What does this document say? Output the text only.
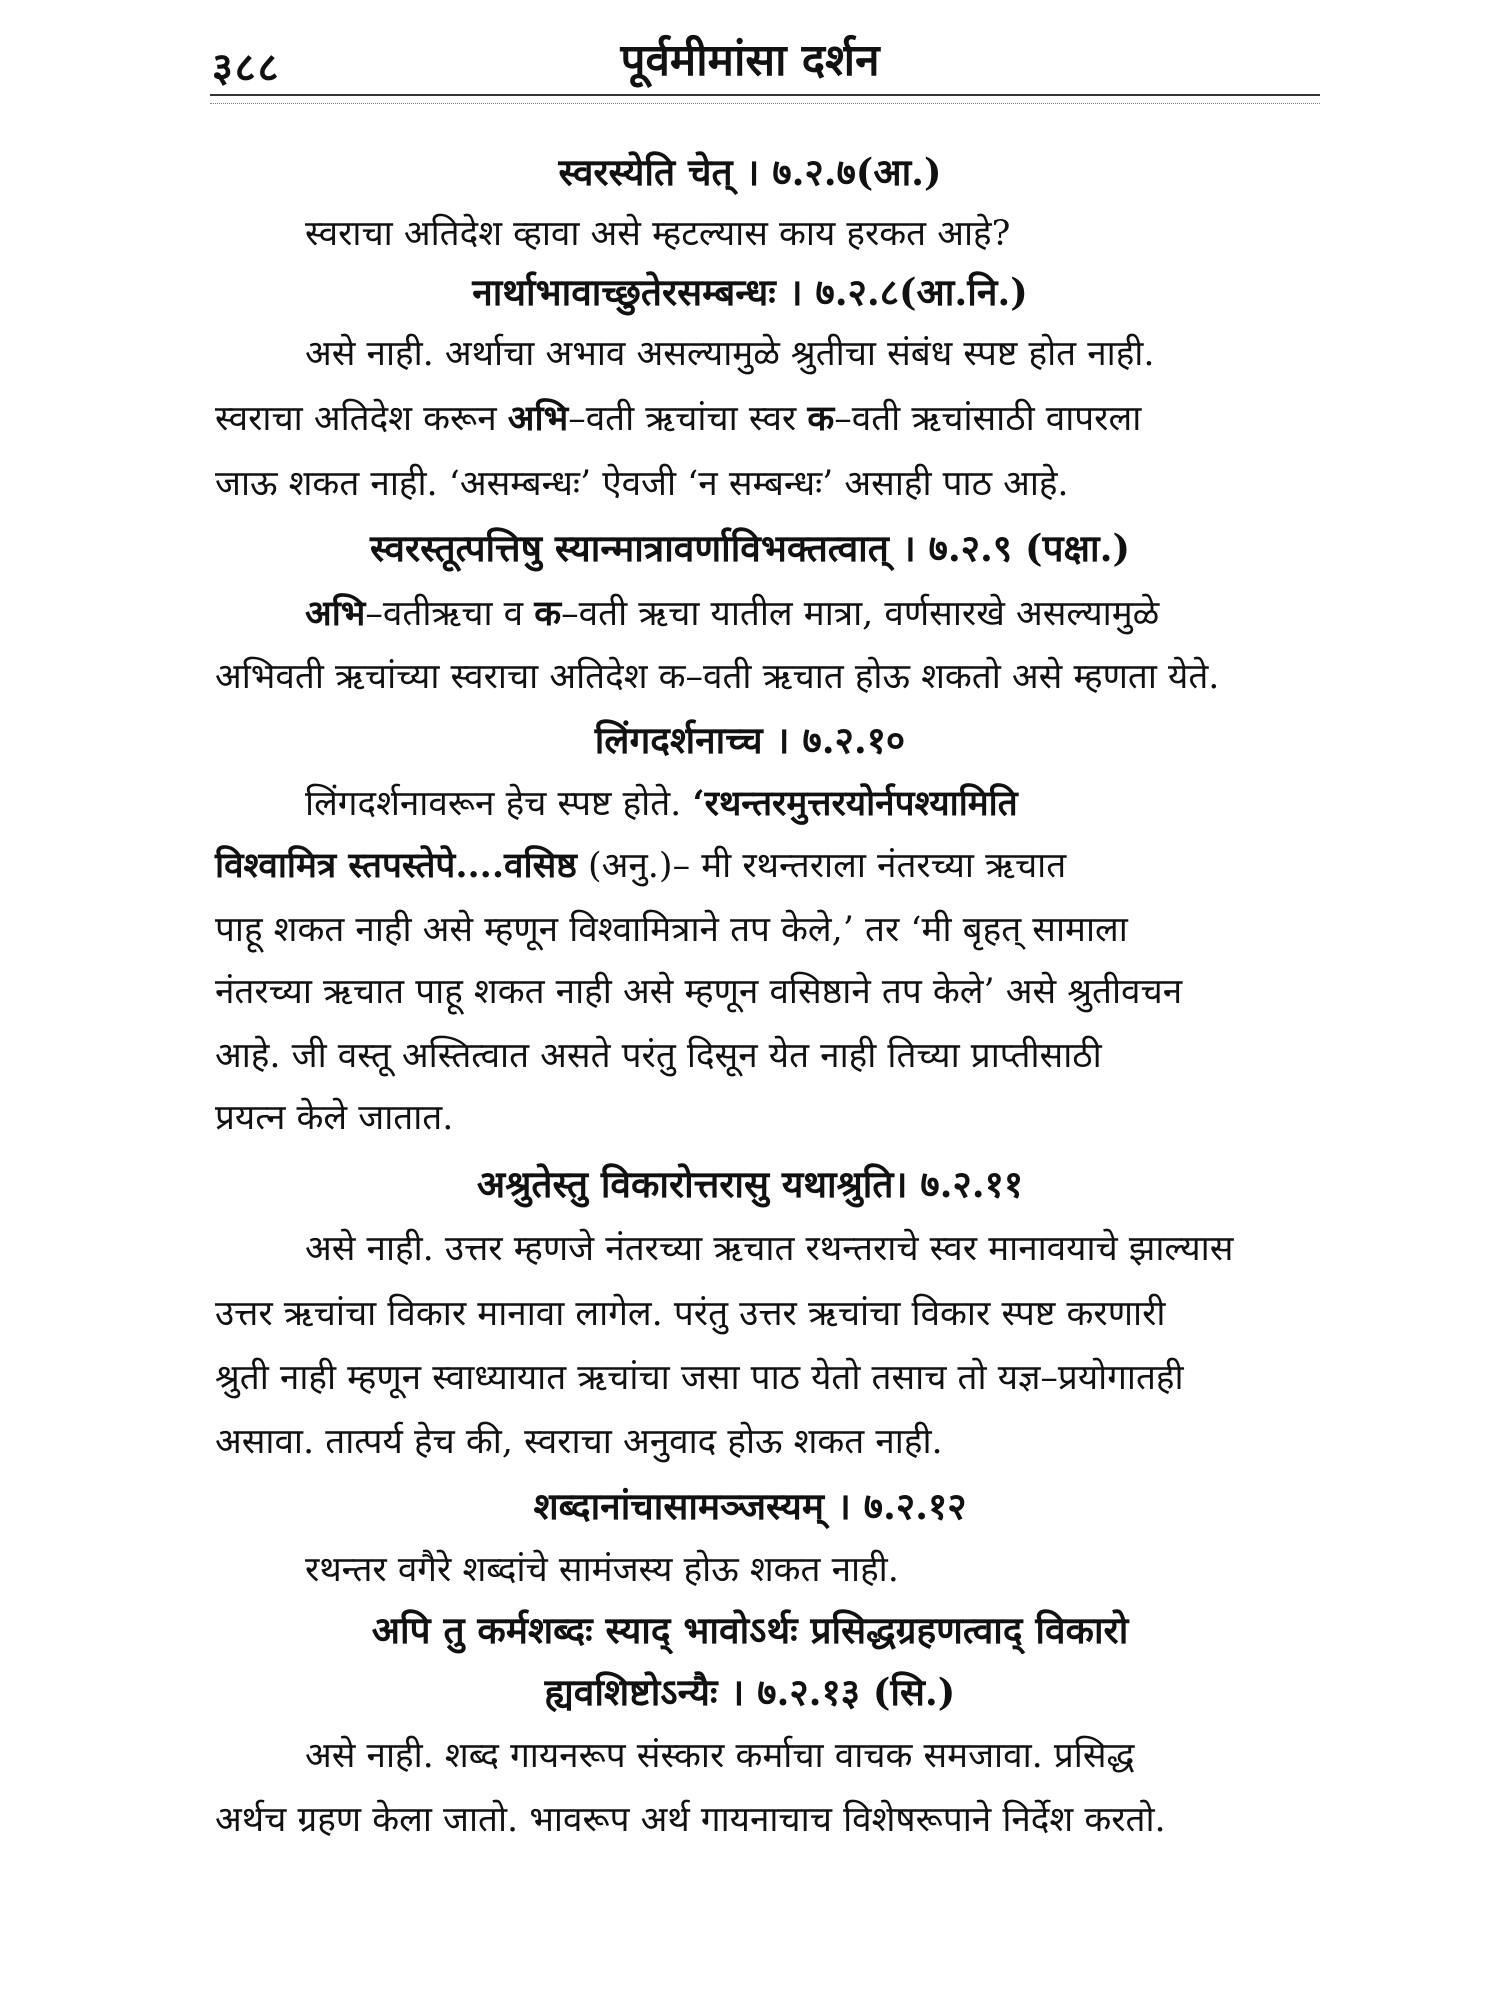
३८८	पूर्वमीमांसा दर्शन
स्वरस्येति चेत् । ७.२.७(आ.)
स्वराचा अतिदेश व्हावा असे म्हटल्यास काय हरकत आहे?
नार्थाभावाच्छुतेरसम्बन्धः । ७.२.८(आ.नि.)
असे नाही. अर्थाचा अभाव असल्यामुळे श्रुतीचा संबंध स्पष्ट होत नाही.
स्वराचा अतिदेश करून अभि–वती ऋचांचा स्वर क–वती ऋचांसाठी वापरला
जाऊ शकत नाही. ‘असम्बन्धः’ ऐवजी ‘न सम्बन्धः’ असाही पाठ आहे.
स्वरस्तूत्पत्तिषु स्यान्मात्रावर्णाविभक्तत्वात् । ७.२.९ (पक्षा.)
अभि–वतीऋचा व क–वती ऋचा यातील मात्रा, वर्णसारखे असल्यामुळे
अभिवती ऋचांच्या स्वराचा अतिदेश क–वती ऋचात होऊ शकतो असे म्हणता येते.
लिंगदर्शनाच्च । ७.२.१०
लिंगदर्शनावरून हेच स्पष्ट होते. ‘रथन्तरमुत्तरयोर्नपश्यामिति
विश्वामित्र स्तपस्तेपे....वसिष्ठ (अनु.)– मी रथन्तराला नंतरच्या ऋचात
पाहू शकत नाही असे म्हणून विश्वामित्राने तप केले,’ तर ‘मी बृहत् सामाला
नंतरच्या ऋचात पाहू शकत नाही असे म्हणून वसिष्ठाने तप केले’ असे श्रुतीवचन
आहे. जी वस्तू अस्तित्वात असते परंतु दिसून येत नाही तिच्या प्राप्तीसाठी
प्रयत्न केले जातात.
अश्रुतेस्तु विकारोत्तरासु यथाश्रुति। ७.२.११
असे नाही. उत्तर म्हणजे नंतरच्या ऋचात रथन्तराचे स्वर मानावयाचे झाल्यास
उत्तर ऋचांचा विकार मानावा लागेल. परंतु उत्तर ऋचांचा विकार स्पष्ट करणारी
श्रुती नाही म्हणून स्वाध्यायात ऋचांचा जसा पाठ येतो तसाच तो यज्ञ–प्रयोगातही
असावा. तात्पर्य हेच की, स्वराचा अनुवाद होऊ शकत नाही.
शब्दानांचासामञ्जस्यम् । ७.२.१२
रथन्तर वगैरे शब्दांचे सामंजस्य होऊ शकत नाही.
अपि तु कर्मशब्दः स्याद् भावोऽर्थः प्रसिद्धग्रहणत्वाद् विकारो
ह्यवशिष्टोऽन्यैः । ७.२.१३ (सि.)
असे नाही. शब्द गायनरूप संस्कार कर्माचा वाचक समजावा. प्रसिद्ध
अर्थच ग्रहण केला जातो. भावरूप अर्थ गायनाचाच विशेषरूपाने निर्देश करतो.
